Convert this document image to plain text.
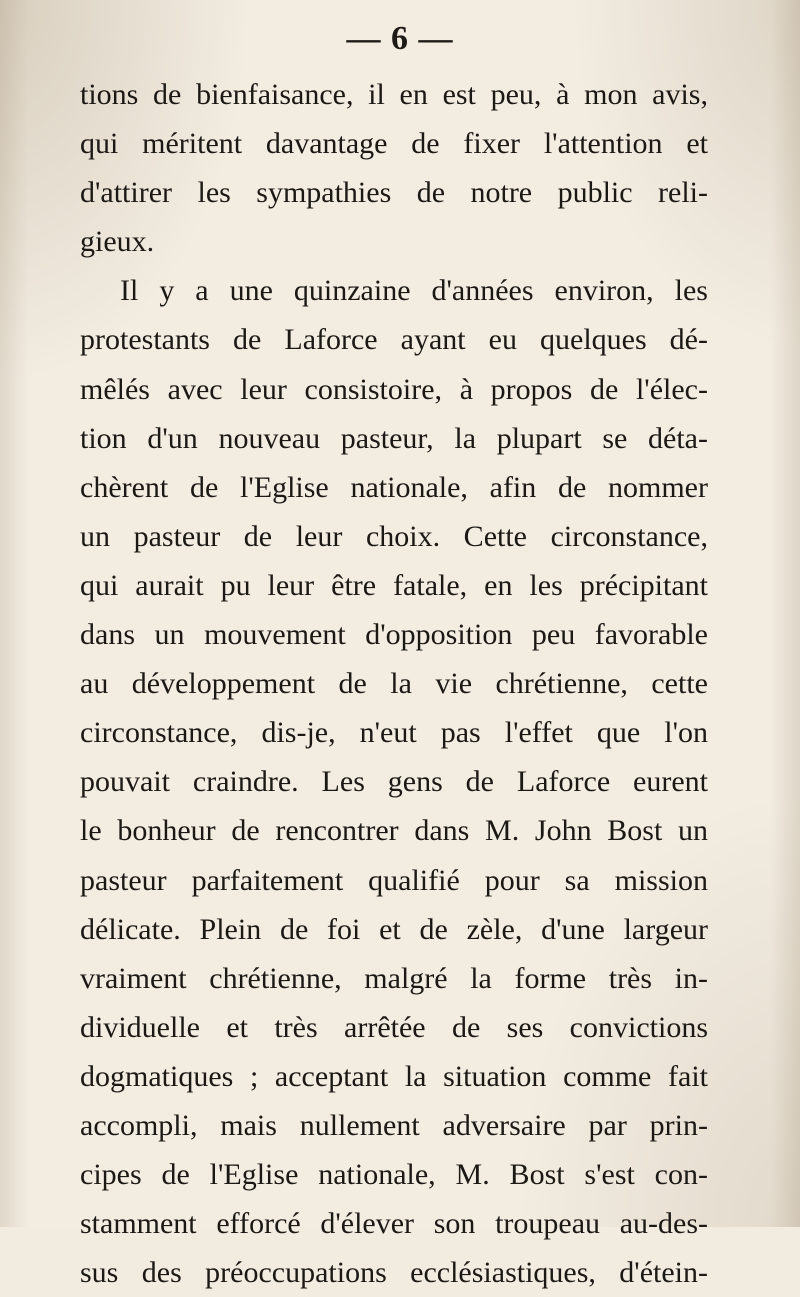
— 6 —
tions de bienfaisance, il en est peu, à mon avis,
qui méritent davantage de fixer l'attention et
d'attirer les sympathies de notre public reli-
gieux.
Il y a une quinzaine d'années environ, les
protestants de Laforce ayant eu quelques dé-
mêlés avec leur consistoire, à propos de l'élec-
tion d'un nouveau pasteur, la plupart se déta-
chèrent de l'Eglise nationale, afin de nommer
un pasteur de leur choix. Cette circonstance,
qui aurait pu leur être fatale, en les précipitant
dans un mouvement d'opposition peu favorable
au développement de la vie chrétienne, cette
circonstance, dis-je, n'eut pas l'effet que l'on
pouvait craindre. Les gens de Laforce eurent
le bonheur de rencontrer dans M. John Bost un
pasteur parfaitement qualifié pour sa mission
délicate. Plein de foi et de zèle, d'une largeur
vraiment chrétienne, malgré la forme très in-
dividuelle et très arrêtée de ses convictions
dogmatiques ; acceptant la situation comme fait
accompli, mais nullement adversaire par prin-
cipes de l'Eglise nationale, M. Bost s'est con-
stamment efforcé d'élever son troupeau au-des-
sus des préoccupations ecclésiastiques, d'étein-
